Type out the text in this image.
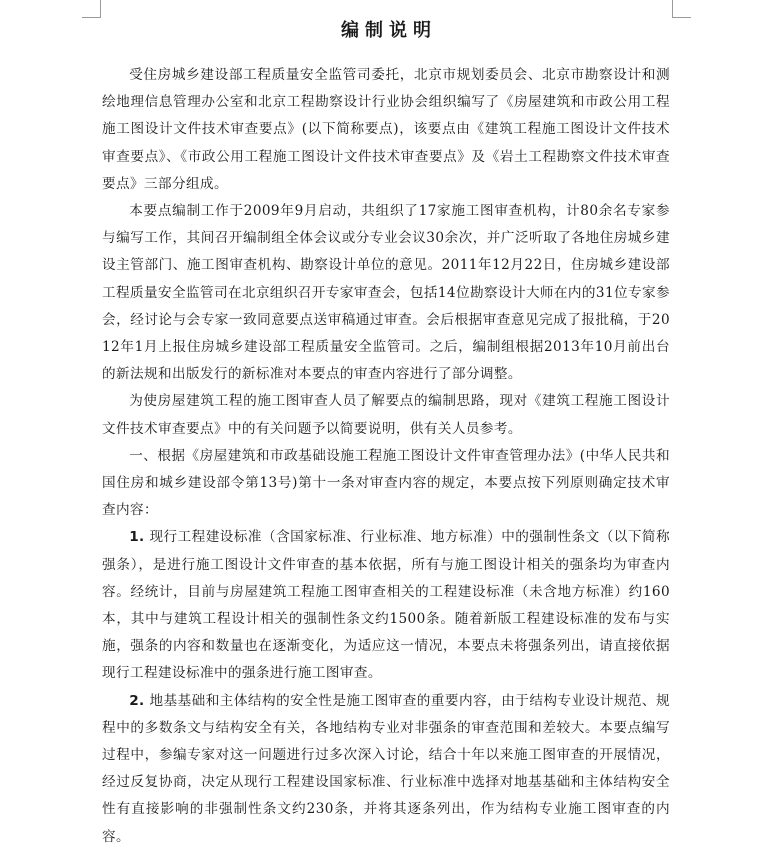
编制说明

受住房城乡建设部工程质量安全监管司委托，北京市规划委员会、北京市勘察设计和测绘地理信息管理办公室和北京工程勘察设计行业协会组织编写了《房屋建筑和市政公用工程施工图设计文件技术审查要点》(以下简称要点)，该要点由《建筑工程施工图设计文件技术审查要点》、《市政公用工程施工图设计文件技术审查要点》及《岩土工程勘察文件技术审查要点》三部分组成。

本要点编制工作于2009年9月启动，共组织了17家施工图审查机构，计80余名专家参与编写工作，其间召开编制组全体会议或分专业会议30余次，并广泛听取了各地住房城乡建设主管部门、施工图审查机构、勘察设计单位的意见。2011年12月22日，住房城乡建设部工程质量安全监管司在北京组织召开专家审查会，包括14位勘察设计大师在内的31位专家参会，经讨论与会专家一致同意要点送审稿通过审查。会后根据审查意见完成了报批稿，于2012年1月上报住房城乡建设部工程质量安全监管司。之后，编制组根据2013年10月前出台的新法规和出版发行的新标准对本要点的审查内容进行了部分调整。

为使房屋建筑工程的施工图审查人员了解要点的编制思路，现对《建筑工程施工图设计文件技术审查要点》中的有关问题予以简要说明，供有关人员参考。

一、根据《房屋建筑和市政基础设施工程施工图设计文件审查管理办法》(中华人民共和国住房和城乡建设部令第13号)第十一条对审查内容的规定，本要点按下列原则确定技术审查内容：

1. 现行工程建设标准（含国家标准、行业标准、地方标准）中的强制性条文（以下简称强条），是进行施工图设计文件审查的基本依据，所有与施工图设计相关的强条均为审查内容。经统计，目前与房屋建筑工程施工图审查相关的工程建设标准（未含地方标准）约160本，其中与建筑工程设计相关的强制性条文约1500条。随着新版工程建设标准的发布与实施，强条的内容和数量也在逐渐变化，为适应这一情况，本要点未将强条列出，请直接依据现行工程建设标准中的强条进行施工图审查。

2. 地基基础和主体结构的安全性是施工图审查的重要内容，由于结构专业设计规范、规程中的多数条文与结构安全有关，各地结构专业对非强条的审查范围和差较大。本要点编写过程中，参编专家对这一问题进行过多次深入讨论，结合十年以来施工图审查的开展情况，经过反复协商，决定从现行工程建设国家标准、行业标准中选择对地基基础和主体结构安全性有直接影响的非强制性条文约230条，并将其逐条列出，作为结构专业施工图审查的内容。
